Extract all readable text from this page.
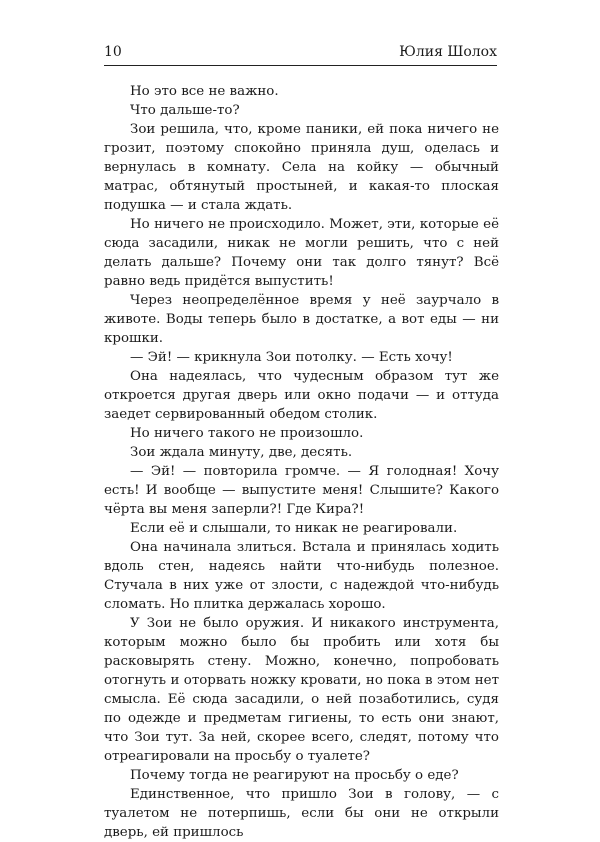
10	Юлия Шолох

Но это все не важно.

Что дальше-то?

Зои решила, что, кроме паники, ей пока ничего не грозит, поэтому спокойно приняла душ, оделась и вернулась в комнату. Села на койку — обычный матрас, обтянутый простыней, и какая-то плоская подушка — и стала ждать.

Но ничего не происходило. Может, эти, которые её сюда засадили, никак не могли решить, что с ней делать дальше? Почему они так долго тянут? Всё равно ведь придётся выпустить!

Через неопределённое время у неё заурчало в животе. Воды теперь было в достатке, а вот еды — ни крошки.

— Эй! — крикнула Зои потолку. — Есть хочу!

Она надеялась, что чудесным образом тут же откроется другая дверь или окно подачи — и оттуда заедет сервированный обедом столик.

Но ничего такого не произошло.

Зои ждала минуту, две, десять.

— Эй! — повторила громче. — Я голодная! Хочу есть! И вообще — выпустите меня! Слышите? Какого чёрта вы меня заперли?! Где Кира?!

Если её и слышали, то никак не реагировали.

Она начинала злиться. Встала и принялась ходить вдоль стен, надеясь найти что-нибудь полезное. Стучала в них уже от злости, с надеждой что-нибудь сломать. Но плитка держалась хорошо.

У Зои не было оружия. И никакого инструмента, которым можно было бы пробить или хотя бы расковырять стену. Можно, конечно, попробовать отогнуть и оторвать ножку кровати, но пока в этом нет смысла. Её сюда засадили, о ней позаботились, судя по одежде и предметам гигиены, то есть они знают, что Зои тут. За ней, скорее всего, следят, потому что отреагировали на просьбу о туалете?

Почему тогда не реагируют на просьбу о еде?

Единственное, что пришло Зои в голову, — с туалетом не потерпишь, если бы они не открыли дверь, ей пришлось
